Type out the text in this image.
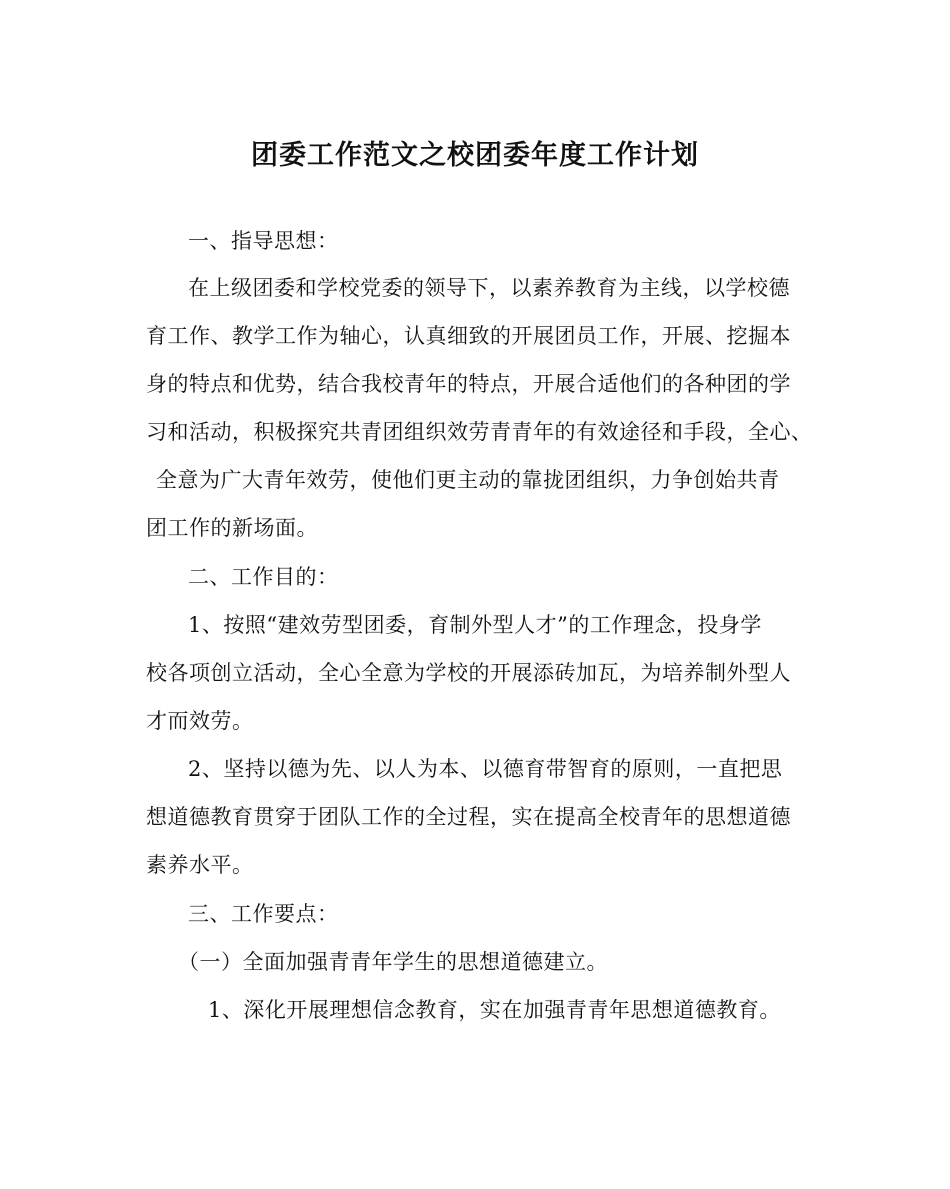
团委工作范文之校团委年度工作计划
一、指导思想：
在上级团委和学校党委的领导下，以素养教育为主线，以学校德
育工作、教学工作为轴心，认真细致的开展团员工作，开展、挖掘本
身的特点和优势，结合我校青年的特点，开展合适他们的各种团的学
习和活动，积极探究共青团组织效劳青青年的有效途径和手段，全心、
全意为广大青年效劳，使他们更主动的靠拢团组织，力争创始共青
团工作的新场面。
二、工作目的：
1、按照“建效劳型团委，育制外型人才”的工作理念，投身学
校各项创立活动，全心全意为学校的开展添砖加瓦，为培养制外型人
才而效劳。
2、坚持以德为先、以人为本、以德育带智育的原则，一直把思
想道德教育贯穿于团队工作的全过程，实在提高全校青年的思想道德
素养水平。
三、工作要点：
（一）全面加强青青年学生的思想道德建立。
1、深化开展理想信念教育，实在加强青青年思想道德教育。
